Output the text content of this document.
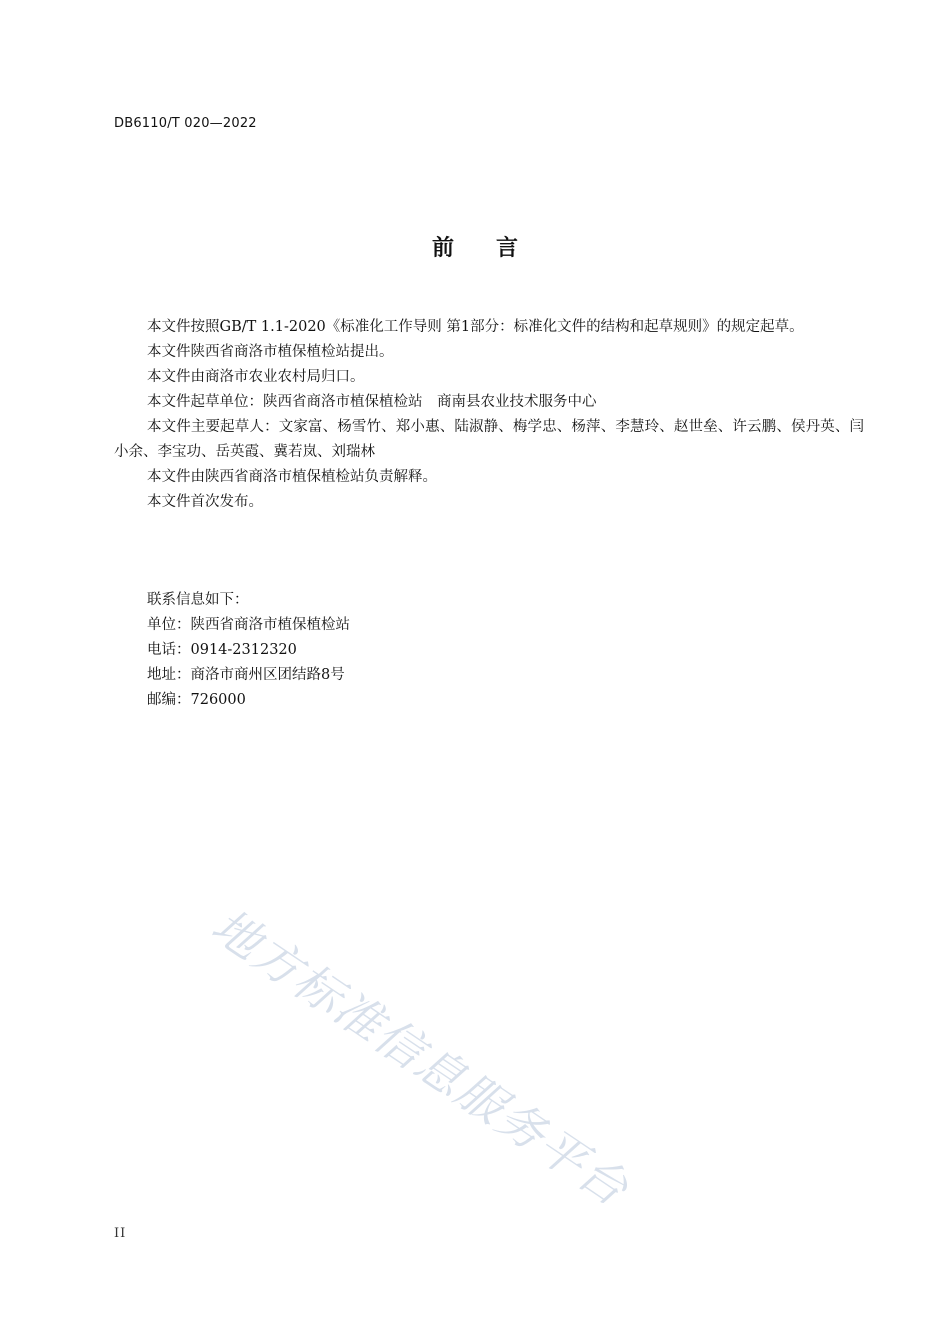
DB6110/T 020—2022
前言

本文件按照GB/T 1.1-2020《标准化工作导则 第1部分：标准化文件的结构和起草规则》的规定起草。

本文件陕西省商洛市植保植检站提出。

本文件由商洛市农业农村局归口。

本文件起草单位：陕西省商洛市植保植检站　商南县农业技术服务中心

本文件主要起草人：文家富、杨雪竹、郑小惠、陆淑静、梅学忠、杨萍、李慧玲、赵世垒、许云鹏、侯丹英、闫小余、李宝功、岳英霞、冀若岚、刘瑞林

本文件由陕西省商洛市植保植检站负责解释。

本文件首次发布。

联系信息如下：

单位：陕西省商洛市植保植检站

电话：0914-2312320

地址：商洛市商州区团结路8号

邮编：726000

地方标准信息服务平台
II
